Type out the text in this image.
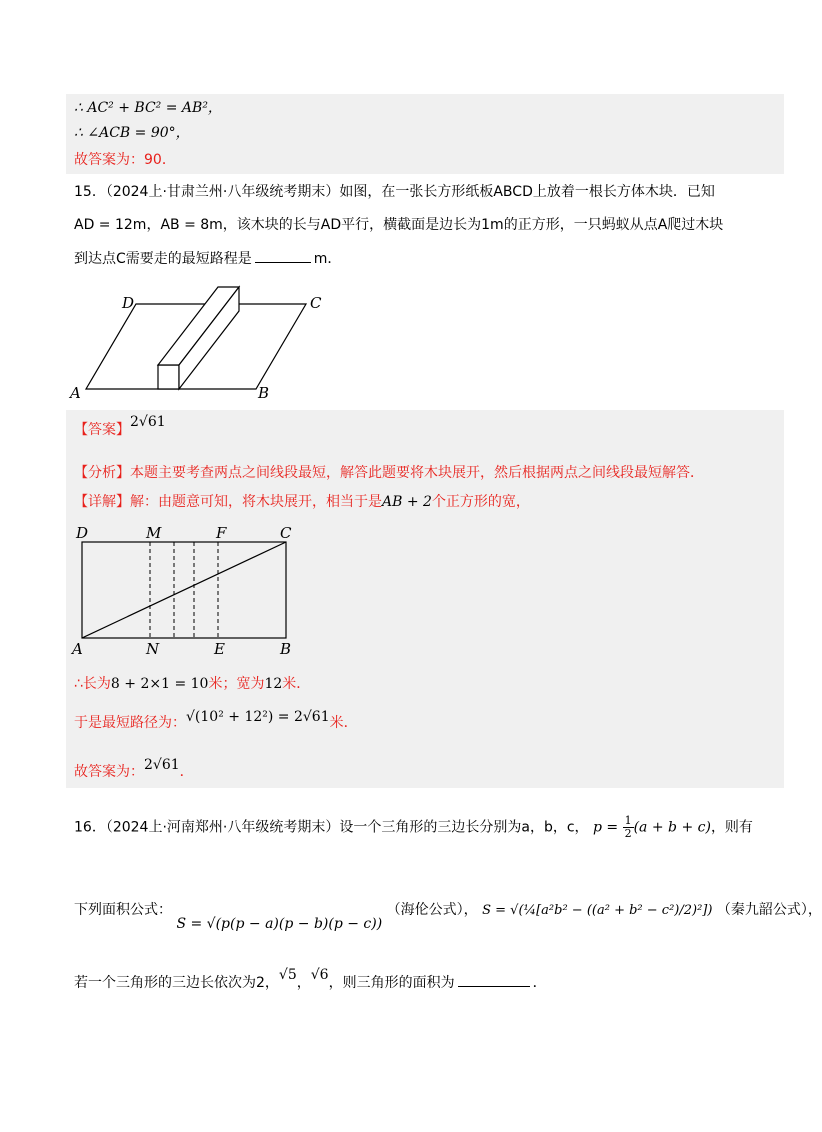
∴ AC² + BC² = AB²，
∴ ∠ACB = 90°，
故答案为：90．
15．（2024上·甘肃兰州·八年级统考期末）如图，在一张长方形纸板ABCD上放着一根长方体木块．已知
AD = 12m，AB = 8m，该木块的长与AD平行，横截面是边长为1m的正方形，一只蚂蚁从点A爬过木块
到达点C需要走的最短路程是	m．
D	C
A	B
【答案】2√61
【分析】本题主要考查两点之间线段最短，解答此题要将木块展开，然后根据两点之间线段最短解答．
【详解】解：由题意可知，将木块展开，相当于是AB + 2个正方形的宽，
D	M	F	C
A	N	E	B
∴长为8 + 2×1 = 10米；宽为12米．
于是最短路径为：√(10² + 12²) = 2√61米．
故答案为：2√61．
16．（2024上·河南郑州·八年级统考期末）设一个三角形的三边长分别为a，b，c， $p = \frac{1}{2} (a + b + c)$，则有
下列面积公式： S = √(p(p − a)(p − b)(p − c)) （海伦公式）， S = √(¼[a²b² − ((a² + b² − c²)/2)²]) （秦九韶公式），
若一个三角形的三边长依次为2，√5，√6，则三角形的面积为	．
